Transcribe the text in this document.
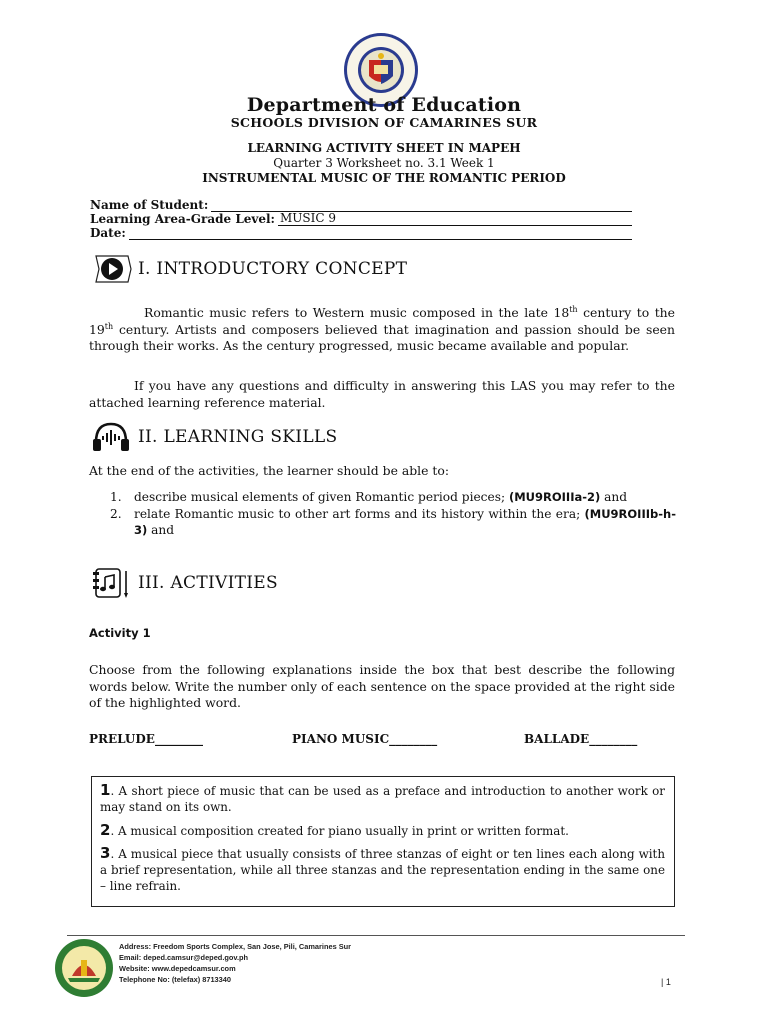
Department of Education
SCHOOLS DIVISION OF CAMARINES SUR
LEARNING ACTIVITY SHEET IN MAPEH
Quarter 3 Worksheet no. 3.1 Week 1
INSTRUMENTAL MUSIC OF THE ROMANTIC PERIOD
Name of Student:
Learning Area-Grade Level: MUSIC 9
Date:
I. INTRODUCTORY CONCEPT
Romantic music refers to Western music composed in the late 18th century to the 19th century. Artists and composers believed that imagination and passion should be seen through their works. As the century progressed, music became available and popular.
If you have any questions and difficulty in answering this LAS you may refer to the attached learning reference material.
II. LEARNING SKILLS
At the end of the activities, the learner should be able to:
1.	describe musical elements of given Romantic period pieces; (MU9ROIIIa-2) and
2.	relate Romantic music to other art forms and its history within the era; (MU9ROIIIb-h-3) and
III. ACTIVITIES
Activity 1
Choose from the following explanations inside the box that best describe the following words below. Write the number only of each sentence on the space provided at the right side of the highlighted word.
PRELUDE________	PIANO MUSIC________	BALLADE________
1. A short piece of music that can be used as a preface and introduction to another work or may stand on its own.
2. A musical composition created for piano usually in print or written format.
3. A musical piece that usually consists of three stanzas of eight or ten lines each along with a brief representation, while all three stanzas and the representation ending in the same one – line refrain.
Address: Freedom Sports Complex, San Jose, Pili, Camarines Sur
Email: deped.camsur@deped.gov.ph
Website: www.depedcamsur.com
Telephone No: (telefax) 8713340	| 1
